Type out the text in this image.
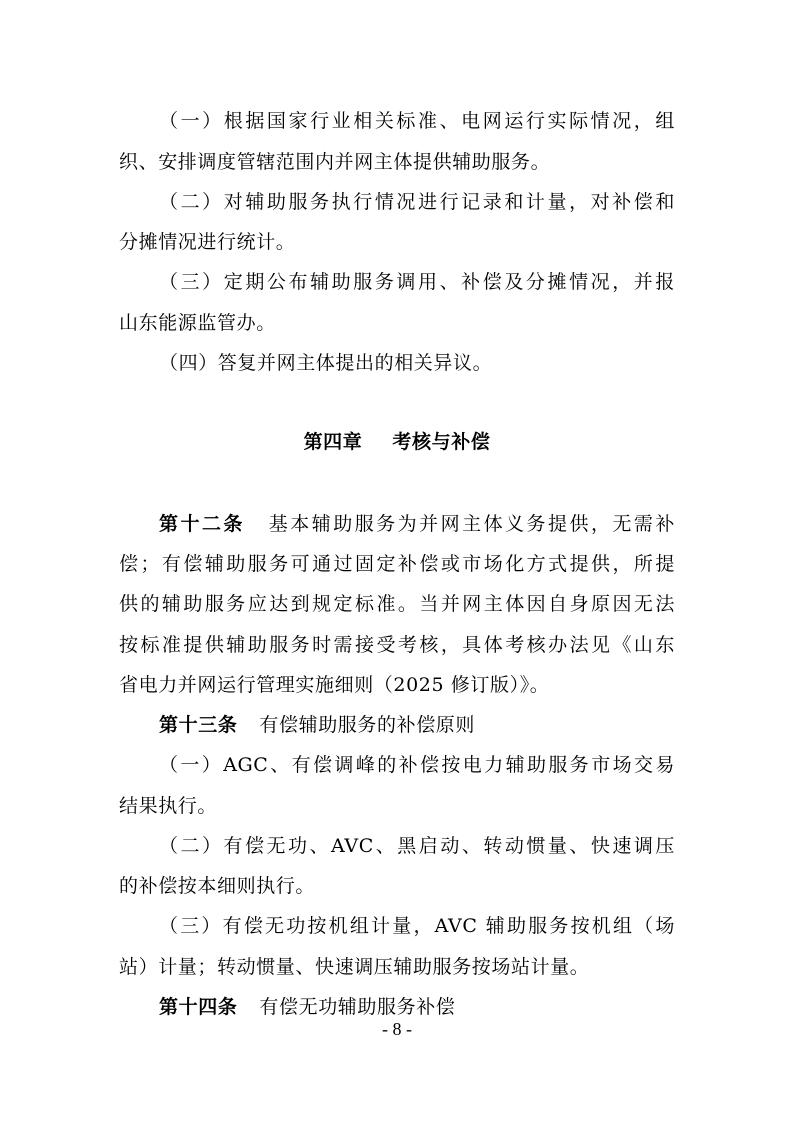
（一）根据国家行业相关标准、电网运行实际情况，组
织、安排调度管辖范围内并网主体提供辅助服务。
（二）对辅助服务执行情况进行记录和计量，对补偿和
分摊情况进行统计。
（三）定期公布辅助服务调用、补偿及分摊情况，并报
山东能源监管办。
（四）答复并网主体提出的相关异议。
第四章 考核与补偿
第十二条 基本辅助服务为并网主体义务提供，无需补
偿；有偿辅助服务可通过固定补偿或市场化方式提供，所提
供的辅助服务应达到规定标准。当并网主体因自身原因无法
按标准提供辅助服务时需接受考核，具体考核办法见《山东
省电力并网运行管理实施细则（2025 修订版）》。
第十三条 有偿辅助服务的补偿原则
（一）AGC、有偿调峰的补偿按电力辅助服务市场交易
结果执行。
（二）有偿无功、AVC、黑启动、转动惯量、快速调压
的补偿按本细则执行。
（三）有偿无功按机组计量，AVC 辅助服务按机组（场
站）计量；转动惯量、快速调压辅助服务按场站计量。
第十四条 有偿无功辅助服务补偿
- 8 -
